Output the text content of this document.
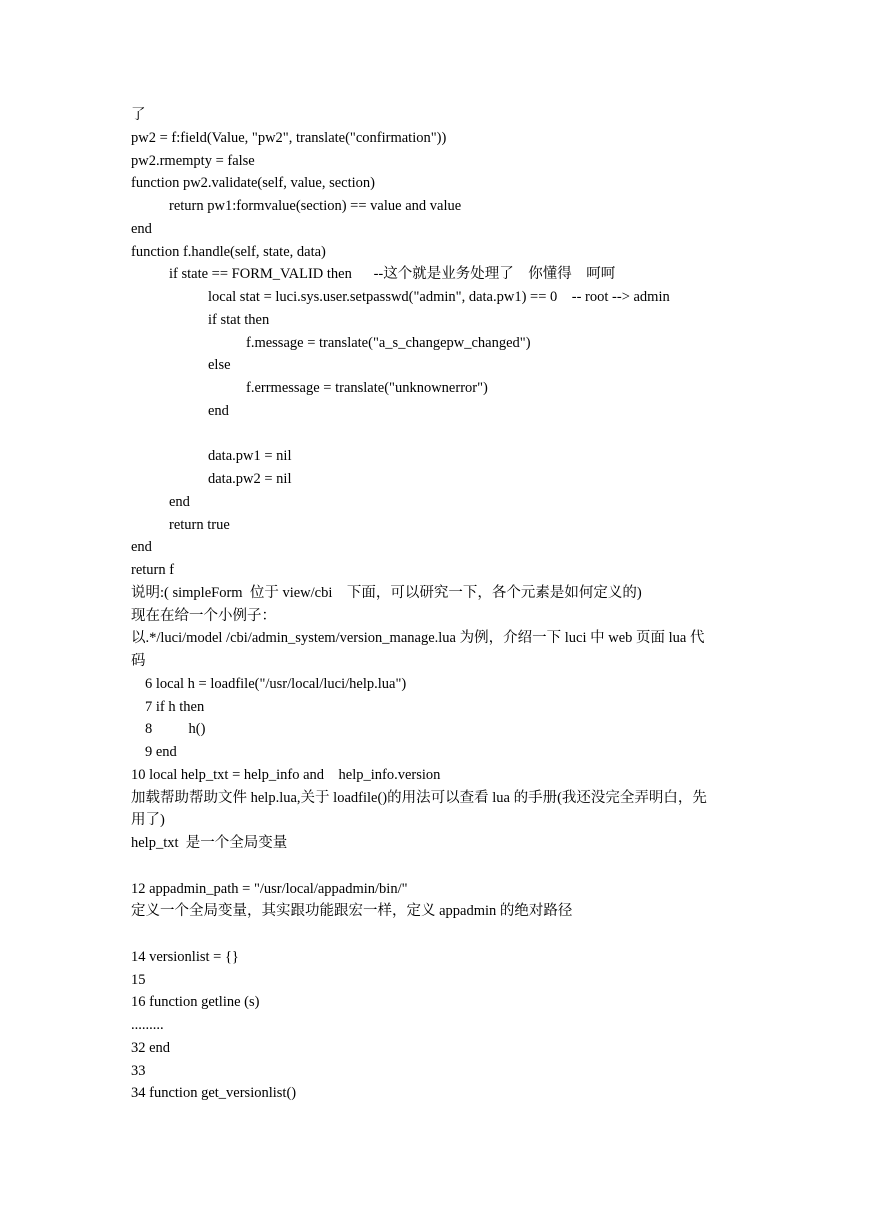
了
pw2 = f:field(Value, "pw2", translate("confirmation"))
pw2.rmempty = false
function pw2.validate(self, value, section)
return pw1:formvalue(section) == value and value
end
function f.handle(self, state, data)
if state == FORM_VALID then      --这个就是业务处理了    你懂得    呵呵
local stat = luci.sys.user.setpasswd("admin", data.pw1) == 0    -- root --> admin
if stat then
f.message = translate("a_s_changepw_changed")
else
f.errmessage = translate("unknownerror")
end
data.pw1 = nil
data.pw2 = nil
end
return true
end
return f
说明:( simpleForm  位于 view/cbi    下面，可以研究一下，各个元素是如何定义的)
现在在给一个小例子：
以.*/luci/model /cbi/admin_system/version_manage.lua 为例，介绍一下 luci 中 web 页面 lua 代
码
6 local h = loadfile("/usr/local/luci/help.lua")
7 if h then
8          h()
9 end
10 local help_txt = help_info and    help_info.version
加载帮助帮助文件 help.lua,关于 loadfile()的用法可以查看 lua 的手册(我还没完全弄明白，先
用了)
help_txt  是一个全局变量
12 appadmin_path = "/usr/local/appadmin/bin/"
定义一个全局变量，其实跟功能跟宏一样，定义 appadmin 的绝对路径
14 versionlist = {}
15
16 function getline (s)
.........
32 end
33
34 function get_versionlist()
